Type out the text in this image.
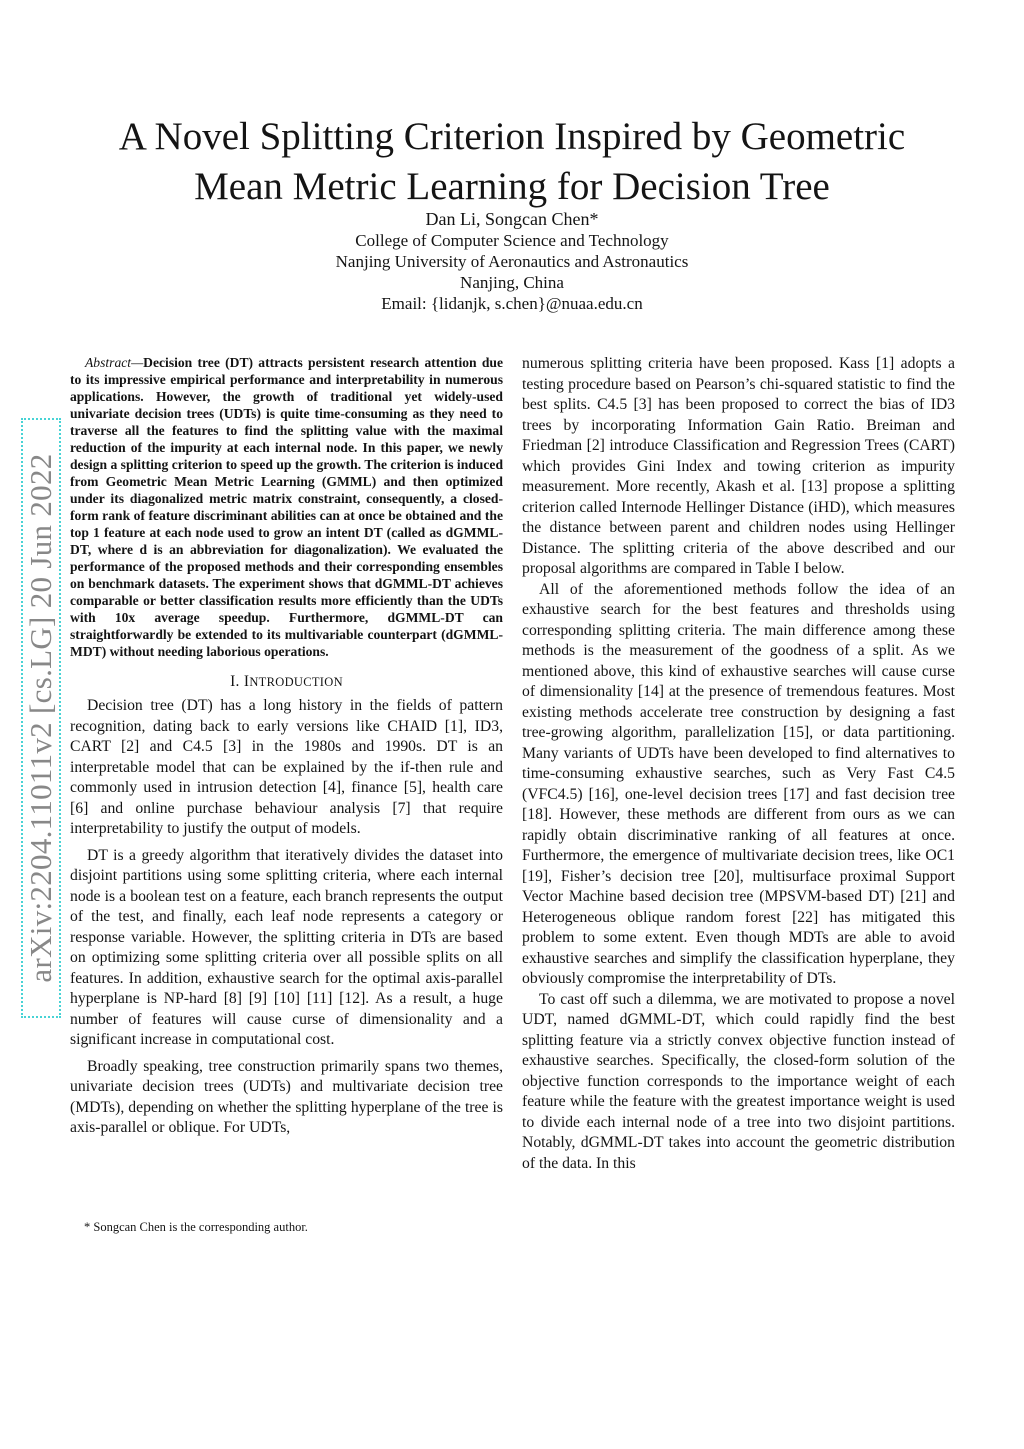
A Novel Splitting Criterion Inspired by Geometric
Mean Metric Learning for Decision Tree
Dan Li, Songcan Chen*
College of Computer Science and Technology
Nanjing University of Aeronautics and Astronautics
Nanjing, China
Email: {lidanjk, s.chen}@nuaa.edu.cn
arXiv:2204.11011v2 [cs.LG] 20 Jun 2022

Abstract—Decision tree (DT) attracts persistent research attention due to its impressive empirical performance and interpretability in numerous applications. However, the growth of traditional yet widely-used univariate decision trees (UDTs) is quite time-consuming as they need to traverse all the features to find the splitting value with the maximal reduction of the impurity at each internal node. In this paper, we newly design a splitting criterion to speed up the growth. The criterion is induced from Geometric Mean Metric Learning (GMML) and then optimized under its diagonalized metric matrix constraint, consequently, a closed-form rank of feature discriminant abilities can at once be obtained and the top 1 feature at each node used to grow an intent DT (called as dGMML-DT, where d is an abbreviation for diagonalization). We evaluated the performance of the proposed methods and their corresponding ensembles on benchmark datasets. The experiment shows that dGMML-DT achieves comparable or better classification results more efficiently than the UDTs with 10x average speedup. Furthermore, dGMML-DT can straightforwardly be extended to its multivariable counterpart (dGMML-MDT) without needing laborious operations.

I. INTRODUCTION

Decision tree (DT) has a long history in the fields of pattern recognition, dating back to early versions like CHAID [1], ID3, CART [2] and C4.5 [3] in the 1980s and 1990s. DT is an interpretable model that can be explained by the if-then rule and commonly used in intrusion detection [4], finance [5], health care [6] and online purchase behaviour analysis [7] that require interpretability to justify the output of models.

DT is a greedy algorithm that iteratively divides the dataset into disjoint partitions using some splitting criteria, where each internal node is a boolean test on a feature, each branch represents the output of the test, and finally, each leaf node represents a category or response variable. However, the splitting criteria in DTs are based on optimizing some splitting criteria over all possible splits on all features. In addition, exhaustive search for the optimal axis-parallel hyperplane is NP-hard [8] [9] [10] [11] [12]. As a result, a huge number of features will cause curse of dimensionality and a significant increase in computational cost.

Broadly speaking, tree construction primarily spans two themes, univariate decision trees (UDTs) and multivariate decision tree (MDTs), depending on whether the splitting hyperplane of the tree is axis-parallel or oblique. For UDTs,

* Songcan Chen is the corresponding author.

numerous splitting criteria have been proposed. Kass [1] adopts a testing procedure based on Pearson’s chi-squared statistic to find the best splits. C4.5 [3] has been proposed to correct the bias of ID3 trees by incorporating Information Gain Ratio. Breiman and Friedman [2] introduce Classification and Regression Trees (CART) which provides Gini Index and towing criterion as impurity measurement. More recently, Akash et al. [13] propose a splitting criterion called Internode Hellinger Distance (iHD), which measures the distance between parent and children nodes using Hellinger Distance. The splitting criteria of the above described and our proposal algorithms are compared in Table I below.

All of the aforementioned methods follow the idea of an exhaustive search for the best features and thresholds using corresponding splitting criteria. The main difference among these methods is the measurement of the goodness of a split. As we mentioned above, this kind of exhaustive searches will cause curse of dimensionality [14] at the presence of tremendous features. Most existing methods accelerate tree construction by designing a fast tree-growing algorithm, parallelization [15], or data partitioning. Many variants of UDTs have been developed to find alternatives to time-consuming exhaustive searches, such as Very Fast C4.5 (VFC4.5) [16], one-level decision trees [17] and fast decision tree [18]. However, these methods are different from ours as we can rapidly obtain discriminative ranking of all features at once. Furthermore, the emergence of multivariate decision trees, like OC1 [19], Fisher’s decision tree [20], multisurface proximal Support Vector Machine based decision tree (MPSVM-based DT) [21] and Heterogeneous oblique random forest [22] has mitigated this problem to some extent. Even though MDTs are able to avoid exhaustive searches and simplify the classification hyperplane, they obviously compromise the interpretability of DTs.

To cast off such a dilemma, we are motivated to propose a novel UDT, named dGMML-DT, which could rapidly find the best splitting feature via a strictly convex objective function instead of exhaustive searches. Specifically, the closed-form solution of the objective function corresponds to the importance weight of each feature while the feature with the greatest importance weight is used to divide each internal node of a tree into two disjoint partitions. Notably, dGMML-DT takes into account the geometric distribution of the data. In this
